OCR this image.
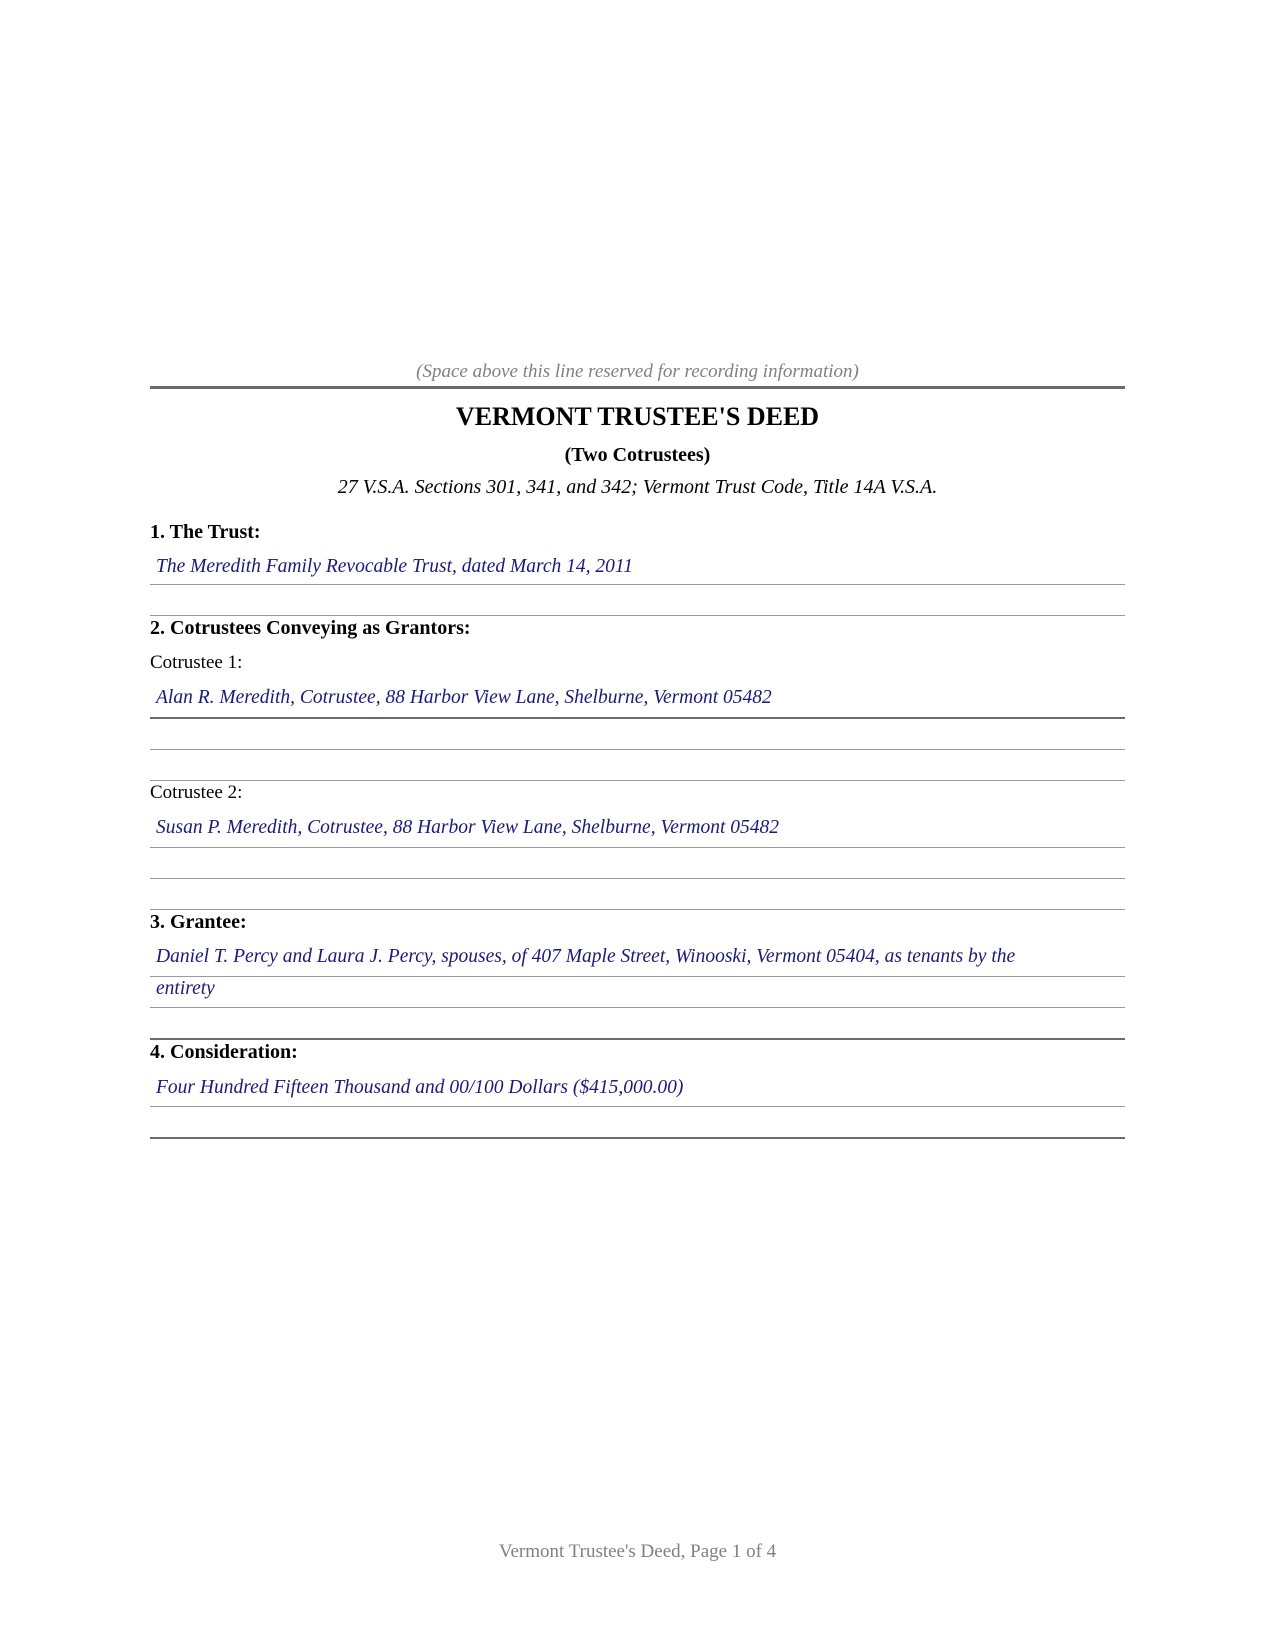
(Space above this line reserved for recording information)
VERMONT TRUSTEE'S DEED
(Two Cotrustees)
27 V.S.A. Sections 301, 341, and 342; Vermont Trust Code, Title 14A V.S.A.
1. The Trust:
The Meredith Family Revocable Trust, dated March 14, 2011
2. Cotrustees Conveying as Grantors:
Cotrustee 1:
Alan R. Meredith, Cotrustee, 88 Harbor View Lane, Shelburne, Vermont 05482
Cotrustee 2:
Susan P. Meredith, Cotrustee, 88 Harbor View Lane, Shelburne, Vermont 05482
3. Grantee:
Daniel T. Percy and Laura J. Percy, spouses, of 407 Maple Street, Winooski, Vermont 05404, as tenants by the
entirety
4. Consideration:
Four Hundred Fifteen Thousand and 00/100 Dollars ($415,000.00)
Vermont Trustee's Deed, Page 1 of 4
